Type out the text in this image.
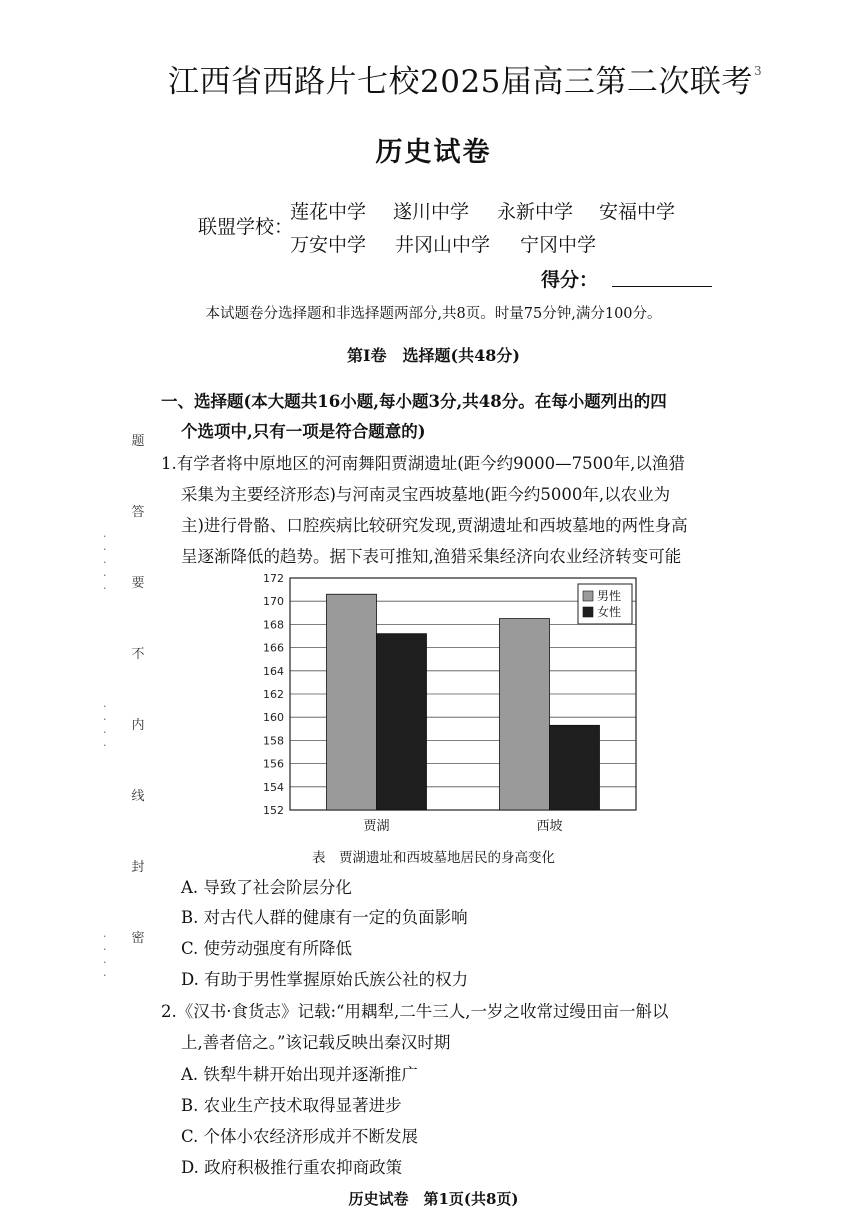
江西省西路片七校2025届高三第二次联考 3
历史试卷
联盟学校：
莲花中学 遂川中学 永新中学 安福中学
万安中学 井冈山中学 宁冈中学
得分：
本试题卷分选择题和非选择题两部分,共8页。时量75分钟,满分100分。
第Ⅰ卷　选择题(共48分)
题
答
要
不
内
线
封
密
·
·
·
·
·
·
·
·
·
·
·
·
·
一、选择题(本大题共16小题,每小题3分,共48分。在每小题列出的四
个选项中,只有一项是符合题意的)
1.有学者将中原地区的河南舞阳贾湖遗址(距今约9000—7500年,以渔猎
采集为主要经济形态)与河南灵宝西坡墓地(距今约5000年,以农业为
主)进行骨骼、口腔疾病比较研究发现,贾湖遗址和西坡墓地的两性身高
呈逐渐降低的趋势。据下表可推知,渔猎采集经济向农业经济转变可能
152
154
156
158
160
162
164
166
168
170
172
贾湖	西坡
男性
女性
表　贾湖遗址和西坡墓地居民的身高变化
A. 导致了社会阶层分化
B. 对古代人群的健康有一定的负面影响
C. 使劳动强度有所降低
D. 有助于男性掌握原始氏族公社的权力
2.《汉书·食货志》记载:“用耦犁,二牛三人,一岁之收常过缦田亩一斛以
上,善者倍之。”该记载反映出秦汉时期
A. 铁犁牛耕开始出现并逐渐推广
B. 农业生产技术取得显著进步
C. 个体小农经济形成并不断发展
D. 政府积极推行重农抑商政策
历史试卷　第1页(共8页)
